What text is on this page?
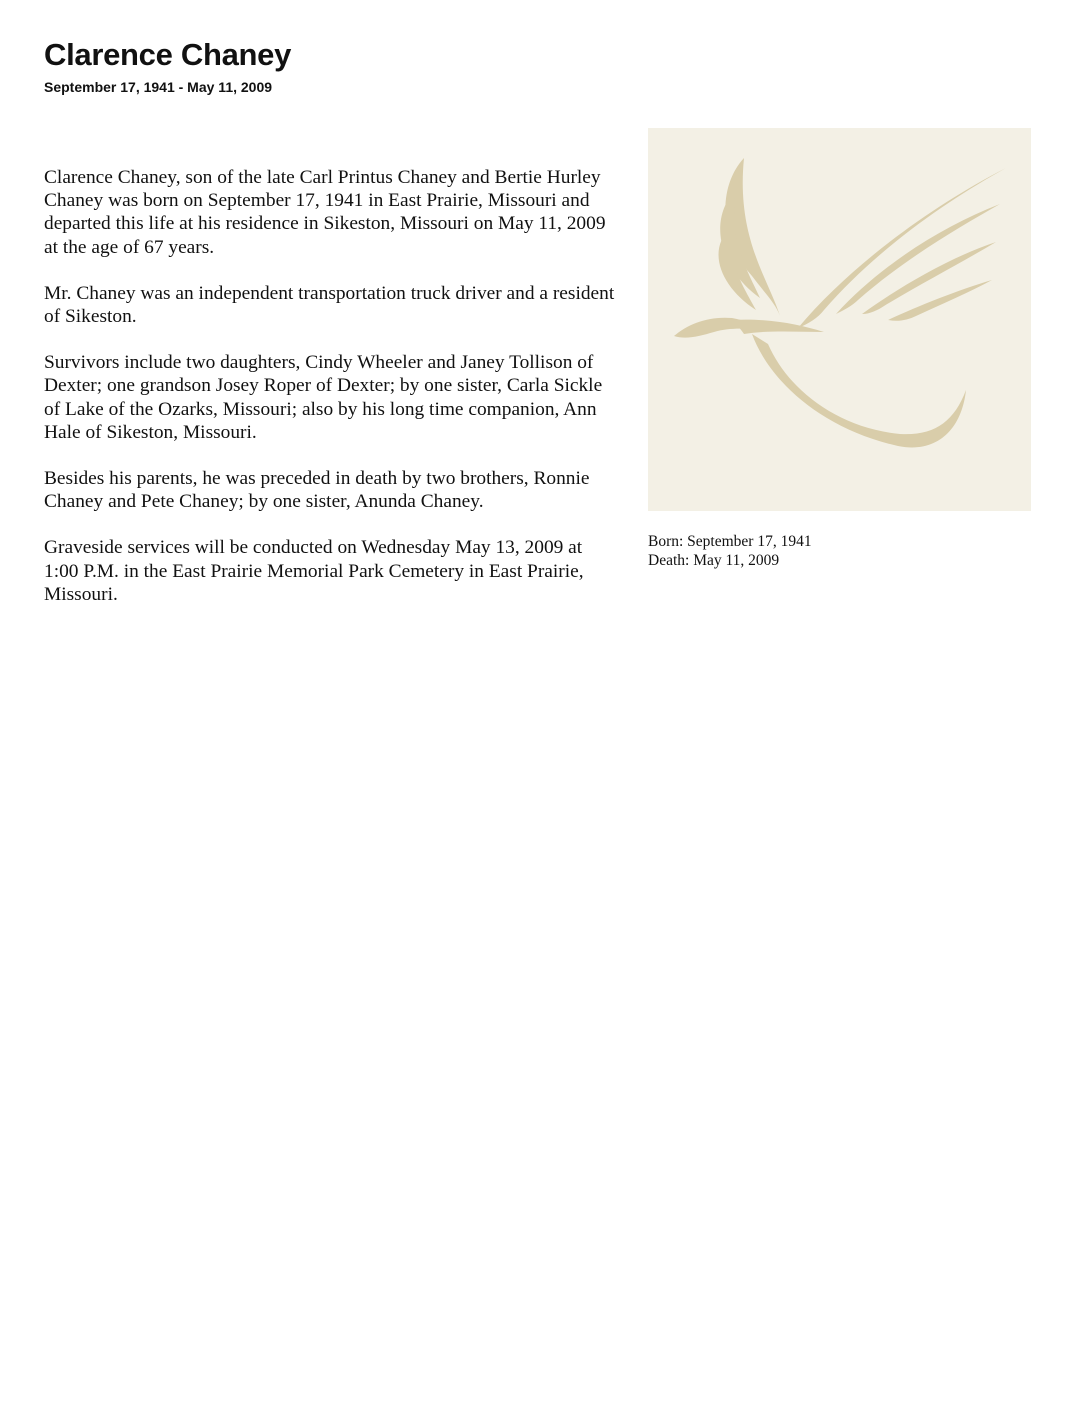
Clarence Chaney
September 17, 1941 - May 11, 2009

Clarence Chaney, son of the late Carl Printus Chaney and Bertie Hurley Chaney was born on September 17, 1941 in East Prairie, Missouri and departed this life at his residence in Sikeston, Missouri on May 11, 2009 at the age of 67 years.

Mr. Chaney was an independent transportation truck driver and a resident of Sikeston.

Survivors include two daughters, Cindy Wheeler and Janey Tollison of Dexter; one grandson Josey Roper of Dexter; by one sister, Carla Sickle of Lake of the Ozarks, Missouri; also by his long time companion, Ann Hale of Sikeston, Missouri.

Besides his parents, he was preceded in death by two brothers, Ronnie Chaney and Pete Chaney; by one sister, Anunda Chaney.

Graveside services will be conducted on Wednesday May 13, 2009 at 1:00 P.M. in the East Prairie Memorial Park Cemetery in East Prairie, Missouri.

Born: September 17, 1941
Death: May 11, 2009
